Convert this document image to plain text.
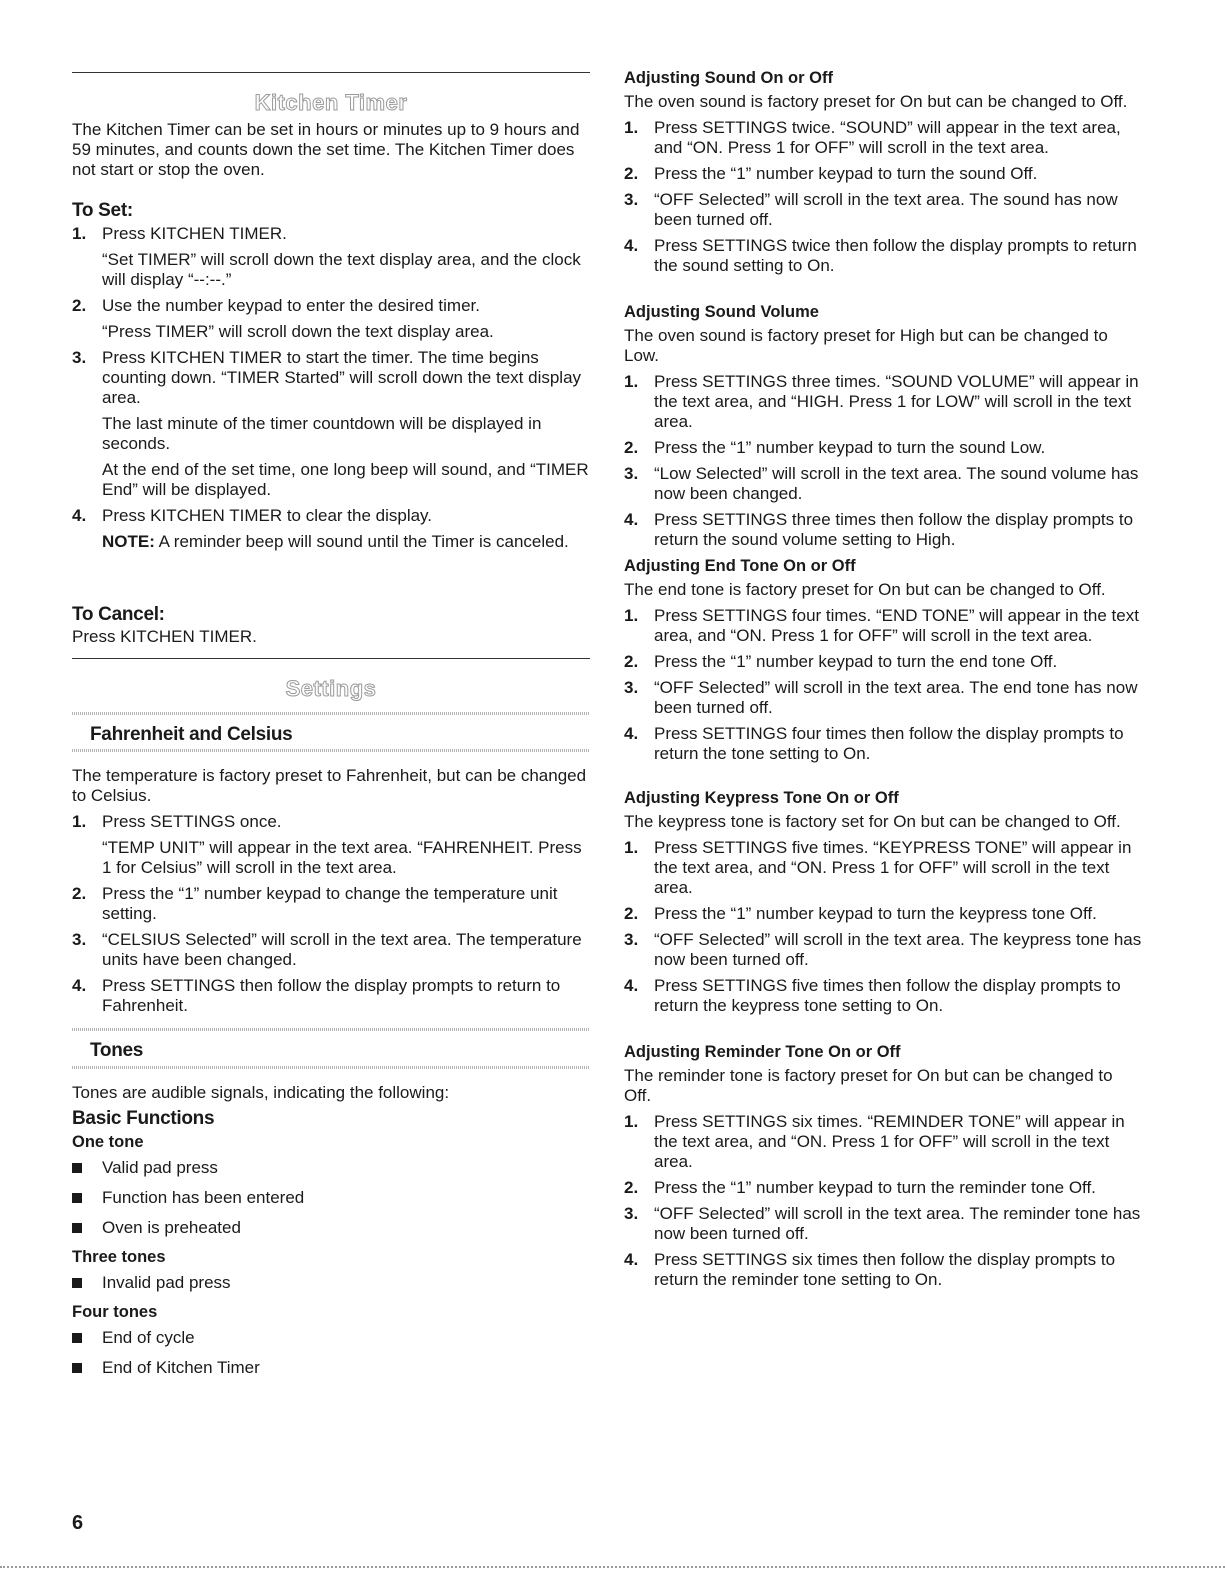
Kitchen Timer

The Kitchen Timer can be set in hours or minutes up to 9 hours and 59 minutes, and counts down the set time. The Kitchen Timer does not start or stop the oven.

To Set:
1. Press KITCHEN TIMER.

“Set TIMER” will scroll down the text display area, and the clock will display “--:--.”

2. Use the number keypad to enter the desired timer.

“Press TIMER” will scroll down the text display area.

3. Press KITCHEN TIMER to start the timer. The time begins counting down. “TIMER Started” will scroll down the text display area.

The last minute of the timer countdown will be displayed in seconds.

At the end of the set time, one long beep will sound, and “TIMER End” will be displayed.

4. Press KITCHEN TIMER to clear the display.

NOTE: A reminder beep will sound until the Timer is canceled.

To Cancel:

Press KITCHEN TIMER.

Settings
Fahrenheit and Celsius

The temperature is factory preset to Fahrenheit, but can be changed to Celsius.

1. Press SETTINGS once.

“TEMP UNIT” will appear in the text area. “FAHRENHEIT. Press 1 for Celsius” will scroll in the text area.

2. Press the “1” number keypad to change the temperature unit setting.

3. “CELSIUS Selected” will scroll in the text area. The temperature units have been changed.

4. Press SETTINGS then follow the display prompts to return to Fahrenheit.

Tones

Tones are audible signals, indicating the following:

Basic Functions
One tone

Valid pad press

Function has been entered

Oven is preheated

Three tones

Invalid pad press

Four tones

End of cycle

End of Kitchen Timer

Adjusting Sound On or Off

The oven sound is factory preset for On but can be changed to Off.

1. Press SETTINGS twice. “SOUND” will appear in the text area, and “ON. Press 1 for OFF” will scroll in the text area.

2. Press the “1” number keypad to turn the sound Off.

3. “OFF Selected” will scroll in the text area. The sound has now been turned off.

4. Press SETTINGS twice then follow the display prompts to return the sound setting to On.

Adjusting Sound Volume

The oven sound is factory preset for High but can be changed to Low.

1. Press SETTINGS three times. “SOUND VOLUME” will appear in the text area, and “HIGH. Press 1 for LOW” will scroll in the text area.

2. Press the “1” number keypad to turn the sound Low.

3. “Low Selected” will scroll in the text area. The sound volume has now been changed.

4. Press SETTINGS three times then follow the display prompts to return the sound volume setting to High.

Adjusting End Tone On or Off

The end tone is factory preset for On but can be changed to Off.

1. Press SETTINGS four times. “END TONE” will appear in the text area, and “ON. Press 1 for OFF” will scroll in the text area.

2. Press the “1” number keypad to turn the end tone Off.

3. “OFF Selected” will scroll in the text area. The end tone has now been turned off.

4. Press SETTINGS four times then follow the display prompts to return the tone setting to On.

Adjusting Keypress Tone On or Off

The keypress tone is factory set for On but can be changed to Off.

1. Press SETTINGS five times. “KEYPRESS TONE” will appear in the text area, and “ON. Press 1 for OFF” will scroll in the text area.

2. Press the “1” number keypad to turn the keypress tone Off.

3. “OFF Selected” will scroll in the text area. The keypress tone has now been turned off.

4. Press SETTINGS five times then follow the display prompts to return the keypress tone setting to On.

Adjusting Reminder Tone On or Off

The reminder tone is factory preset for On but can be changed to Off.

1. Press SETTINGS six times. “REMINDER TONE” will appear in the text area, and “ON. Press 1 for OFF” will scroll in the text area.

2. Press the “1” number keypad to turn the reminder tone Off.

3. “OFF Selected” will scroll in the text area. The reminder tone has now been turned off.

4. Press SETTINGS six times then follow the display prompts to return the reminder tone setting to On.

6
